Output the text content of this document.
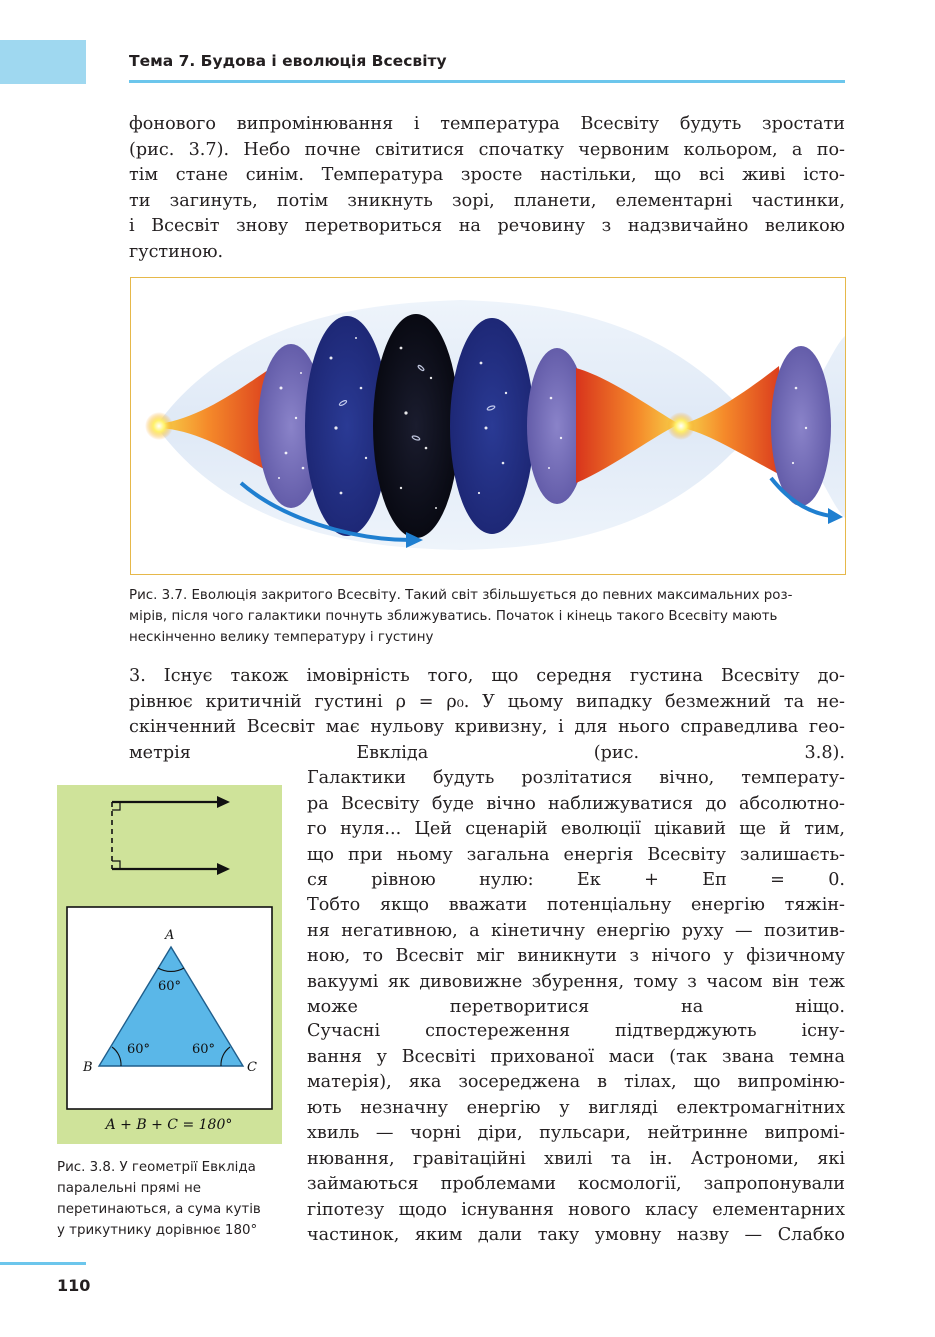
Тема 7. Будова і еволюція Всесвіту

фонового випромінювання і температура Всесвіту будуть зростати
(рис. 3.7). Небо почне світитися спочатку червоним кольором, а по-
тім стане синім. Температура зросте настільки, що всі живі істо-
ти загинуть, потім зникнуть зорі, планети, елементарні частинки,
і Всесвіт знову перетвориться на речовину з надзвичайно великою
густиною.

Рис. 3.7. Еволюція закритого Всесвіту. Такий світ збільшується до певних максимальних роз-
мірів, після чого галактики почнуть зближуватись. Початок і кінець такого Всесвіту мають
нескінченно велику температуру і густину

3. Існує також імовірність того, що середня густина Всесвіту до-
рівнює критичній густині ρ = ρ₀. У цьому випадку безмежний та не-
скінченний Всесвіт має нульову кривизну, і для нього справедлива гео-
метрія Евкліда (рис. 3.8).

Галактики будуть розлітатися вічно, температу-
ра Всесвіту буде вічно наближуватися до абсолютно-
го нуля... Цей сценарій еволюції цікавий ще й тим,
що при ньому загальна енергія Всесвіту залишаєть-
ся рівною нулю: Ек + Еп = 0.

Тобто якщо вважати потенціальну енергію тяжін-
ня негативною, а кінетичну енергію руху — позитив-
ною, то Всесвіт міг виникнути з нічого у фізичному
вакуумі як дивовижне збурення, тому з часом він теж
може перетворитися на ніщо.

Сучасні спостереження підтверджують існу-
вання у Всесвіті прихованої маси (так звана темна
матерія), яка зосереджена в тілах, що випроміню-
ють незначну енергію у вигляді електромагнітних
хвиль — чорні діри, пульсари, нейтринне випромі-
нювання, гравітаційні хвилі та ін. Астрономи, які
займаються проблемами космології, запропонували
гіпотезу щодо існування нового класу елементарних
частинок, яким дали таку умовну назву — Слабко

A
B	C
60°
60°	60°
A + B + C = 180°

Рис. 3.8. У геометрії Евкліда
паралельні прямі не
перетинаються, а сума кутів
у трикутнику дорівнює 180°

110
